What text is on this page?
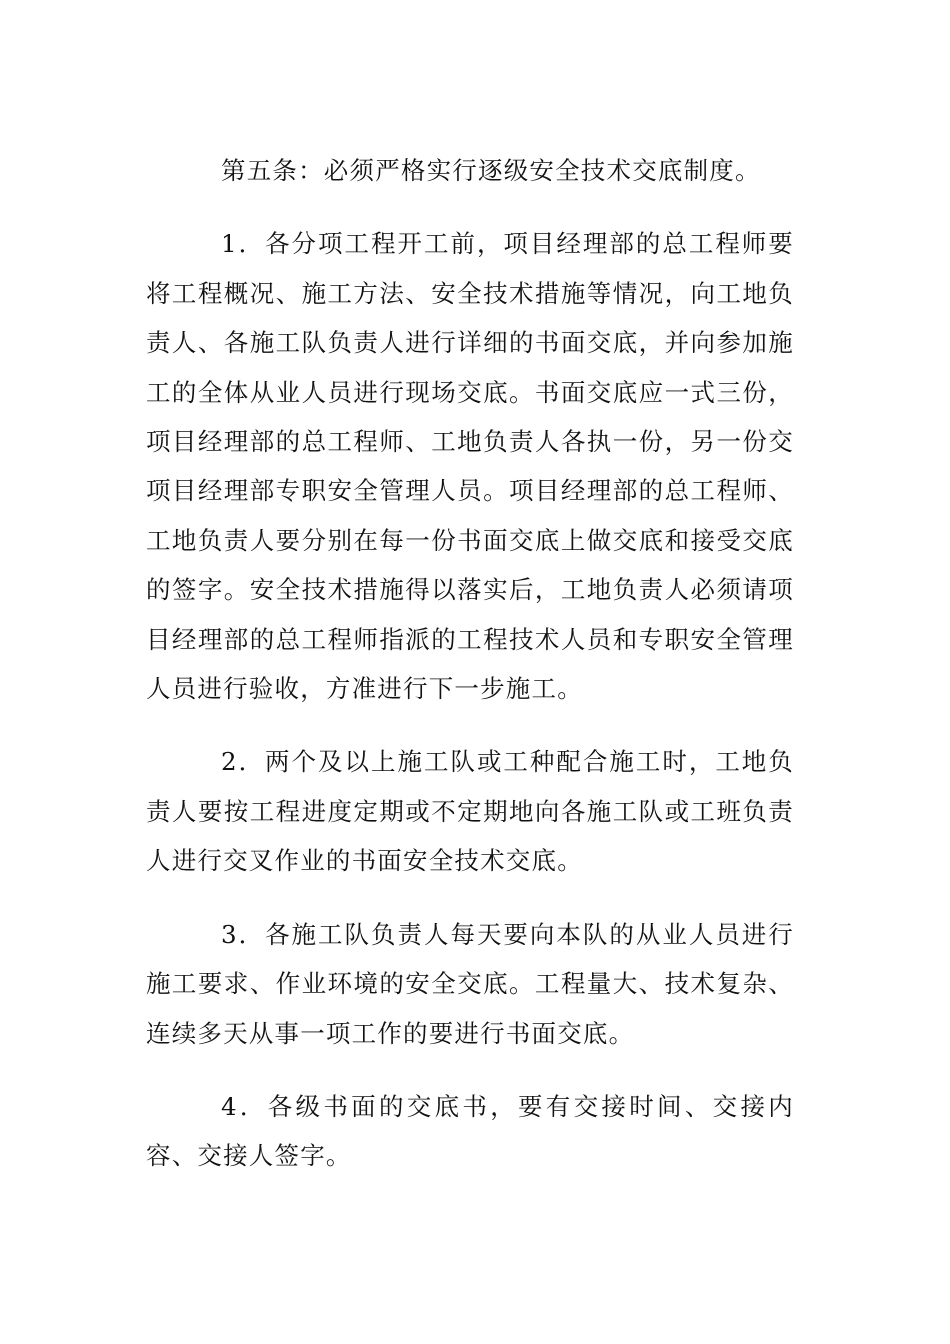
第五条：必须严格实行逐级安全技术交底制度。

1．各分项工程开工前，项目经理部的总工程师要将工程概况、施工方法、安全技术措施等情况，向工地负责人、各施工队负责人进行详细的书面交底，并向参加施工的全体从业人员进行现场交底。书面交底应一式三份，项目经理部的总工程师、工地负责人各执一份，另一份交项目经理部专职安全管理人员。项目经理部的总工程师、工地负责人要分别在每一份书面交底上做交底和接受交底的签字。安全技术措施得以落实后，工地负责人必须请项目经理部的总工程师指派的工程技术人员和专职安全管理人员进行验收，方准进行下一步施工。

2．两个及以上施工队或工种配合施工时，工地负责人要按工程进度定期或不定期地向各施工队或工班负责人进行交叉作业的书面安全技术交底。

3．各施工队负责人每天要向本队的从业人员进行施工要求、作业环境的安全交底。工程量大、技术复杂、连续多天从事一项工作的要进行书面交底。

4．各级书面的交底书，要有交接时间、交接内容、交接人签字。
